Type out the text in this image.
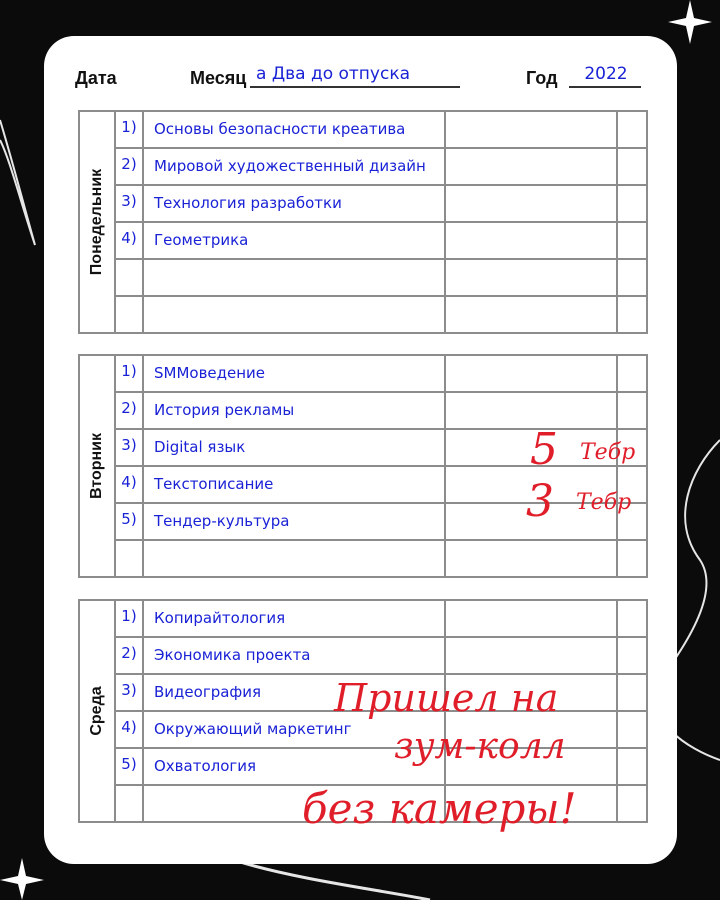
Дата	Месяц а Два до отпуска	Год	2022
Понедельник	1)	Основы безопасности креатива		
	2)	Мировой художественный дизайн		
	3)	Технология разработки		
	4)	Геометрика		

Вторник	1)	SMMоведение		
	2)	История рекламы		
	3)	Digital язык		
	4)	Текстописание		
	5)	Тендер-культура		

Среда	1)	Копирайтология		
	2)	Экономика проекта		
	3)	Видеография		
	4)	Окружающий маркетинг		
	5)	Охватология		

5 Тебр
3 Тебр
Пришел на
зум-колл
без камеры!
